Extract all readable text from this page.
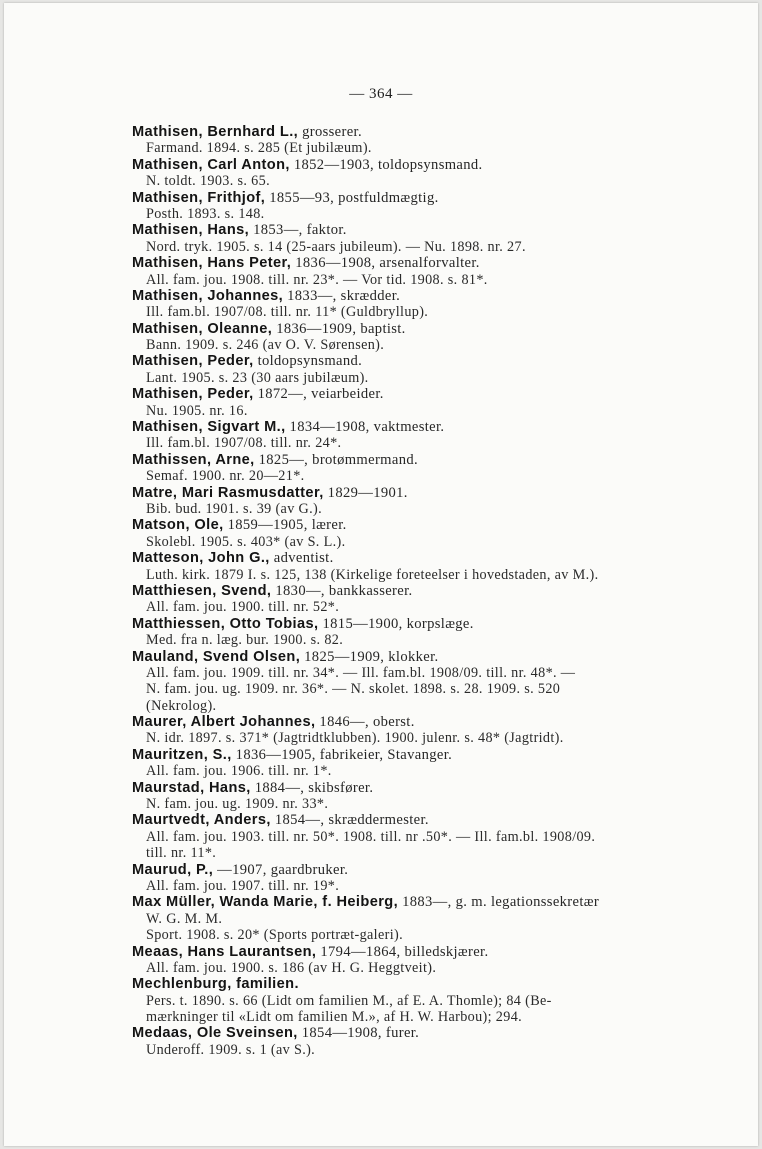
— 364 —
Mathisen, Bernhard L., grosserer.
Farmand. 1894. s. 285 (Et jubilæum).
Mathisen, Carl Anton, 1852—1903, toldopsynsmand.
N. toldt. 1903. s. 65.
Mathisen, Frithjof, 1855—93, postfuldmægtig.
Posth. 1893. s. 148.
Mathisen, Hans, 1853—, faktor.
Nord. tryk. 1905. s. 14 (25-aars jubileum). — Nu. 1898. nr. 27.
Mathisen, Hans Peter, 1836—1908, arsenalforvalter.
All. fam. jou. 1908. till. nr. 23*. — Vor tid. 1908. s. 81*.
Mathisen, Johannes, 1833—, skrædder.
Ill. fam.bl. 1907/08. till. nr. 11* (Guldbryllup).
Mathisen, Oleanne, 1836—1909, baptist.
Bann. 1909. s. 246 (av O. V. Sørensen).
Mathisen, Peder, toldopsynsmand.
Lant. 1905. s. 23 (30 aars jubilæum).
Mathisen, Peder, 1872—, veiarbeider.
Nu. 1905. nr. 16.
Mathisen, Sigvart M., 1834—1908, vaktmester.
Ill. fam.bl. 1907/08. till. nr. 24*.
Mathissen, Arne, 1825—, brotømmermand.
Semaf. 1900. nr. 20—21*.
Matre, Mari Rasmusdatter, 1829—1901.
Bib. bud. 1901. s. 39 (av G.).
Matson, Ole, 1859—1905, lærer.
Skolebl. 1905. s. 403* (av S. L.).
Matteson, John G., adventist.
Luth. kirk. 1879 I. s. 125, 138 (Kirkelige foreteelser i hovedstaden, av M.).
Matthiesen, Svend, 1830—, bankkasserer.
All. fam. jou. 1900. till. nr. 52*.
Matthiessen, Otto Tobias, 1815—1900, korpslæge.
Med. fra n. læg. bur. 1900. s. 82.
Mauland, Svend Olsen, 1825—1909, klokker.
All. fam. jou. 1909. till. nr. 34*. — Ill. fam.bl. 1908/09. till. nr. 48*. —
N. fam. jou. ug. 1909. nr. 36*. — N. skolet. 1898. s. 28. 1909. s. 520
(Nekrolog).
Maurer, Albert Johannes, 1846—, oberst.
N. idr. 1897. s. 371* (Jagtridtklubben). 1900. julenr. s. 48* (Jagtridt).
Mauritzen, S., 1836—1905, fabrikeier, Stavanger.
All. fam. jou. 1906. till. nr. 1*.
Maurstad, Hans, 1884—, skibsfører.
N. fam. jou. ug. 1909. nr. 33*.
Maurtvedt, Anders, 1854—, skræddermester.
All. fam. jou. 1903. till. nr. 50*. 1908. till. nr .50*. — Ill. fam.bl. 1908/09.
till. nr. 11*.
Maurud, P., —1907, gaardbruker.
All. fam. jou. 1907. till. nr. 19*.
Max Müller, Wanda Marie, f. Heiberg, 1883—, g. m. legationssekretær
W. G. M. M.
Sport. 1908. s. 20* (Sports portræt-galeri).
Meaas, Hans Laurantsen, 1794—1864, billedskjærer.
All. fam. jou. 1900. s. 186 (av H. G. Heggtveit).
Mechlenburg, familien.
Pers. t. 1890. s. 66 (Lidt om familien M., af E. A. Thomle); 84 (Be-
mærkninger til «Lidt om familien M.», af H. W. Harbou); 294.
Medaas, Ole Sveinsen, 1854—1908, furer.
Underoff. 1909. s. 1 (av S.).
